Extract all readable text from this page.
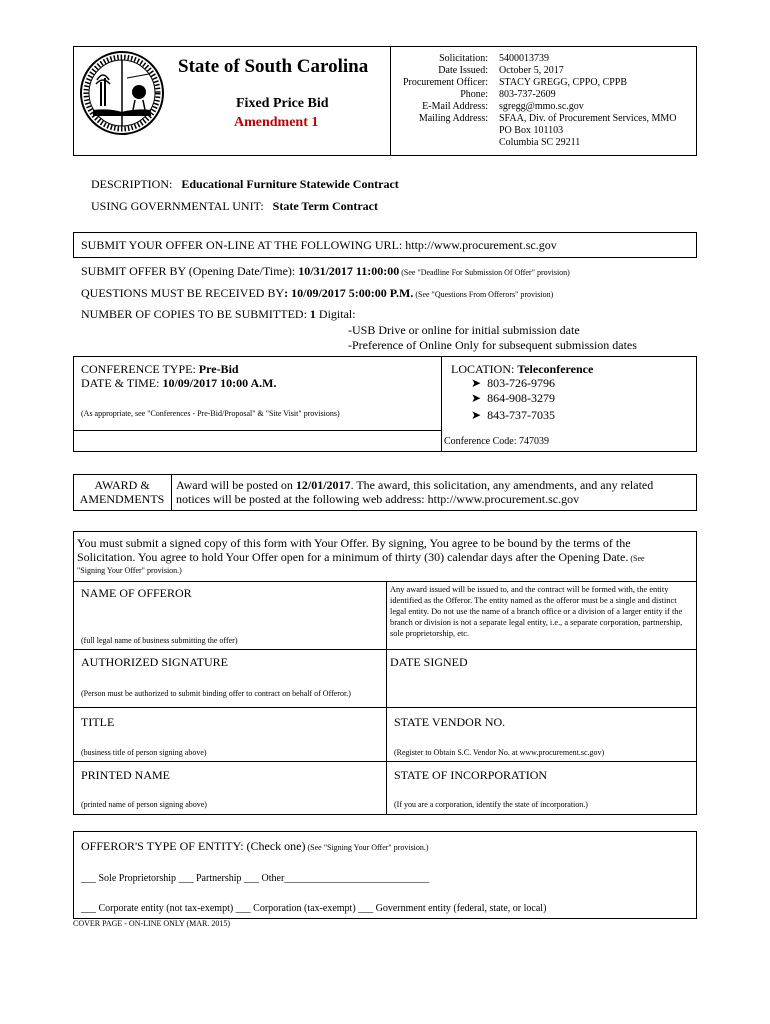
State of South Carolina
Fixed Price Bid
Amendment 1
Solicitation:
Date Issued:
Procurement Officer:
Phone:
E-Mail Address:
Mailing Address:
5400013739
October 5, 2017
STACY GREGG, CPPO, CPPB
803-737-2609
sgregg@mmo.sc.gov
SFAA, Div. of Procurement Services, MMO
PO Box 101103
Columbia SC 29211
DESCRIPTION: Educational Furniture Statewide Contract
USING GOVERNMENTAL UNIT: State Term Contract
SUBMIT YOUR OFFER ON-LINE AT THE FOLLOWING URL: http://www.procurement.sc.gov
SUBMIT OFFER BY (Opening Date/Time): 10/31/2017 11:00:00 (See "Deadline For Submission Of Offer" provision)
QUESTIONS MUST BE RECEIVED BY: 10/09/2017 5:00:00 P.M. (See "Questions From Offerors" provision)
NUMBER OF COPIES TO BE SUBMITTED: 1 Digital:
-USB Drive or online for initial submission date
-Preference of Online Only for subsequent submission dates
CONFERENCE TYPE: Pre-Bid
DATE & TIME: 10/09/2017 10:00 A.M.
(As appropriate, see "Conferences - Pre-Bid/Proposal" & "Site Visit" provisions)
LOCATION: Teleconference
➤ 803-726-9796
➤ 864-908-3279
➤ 843-737-7035
Conference Code: 747039
AWARD &
AMENDMENTS
Award will be posted on 12/01/2017. The award, this solicitation, any amendments, and any related
notices will be posted at the following web address: http://www.procurement.sc.gov
You must submit a signed copy of this form with Your Offer. By signing, You agree to be bound by the terms of the
Solicitation. You agree to hold Your Offer open for a minimum of thirty (30) calendar days after the Opening Date. (See
"Signing Your Offer" provision.)
NAME OF OFFEROR
(full legal name of business submitting the offer)
Any award issued will be issued to, and the contract will be formed with, the entity identified as the Offeror. The entity named as the offeror must be a single and distinct legal entity. Do not use the name of a branch office or a division of a larger entity if the branch or division is not a separate legal entity, i.e., a separate corporation, partnership, sole proprietorship, etc.
AUTHORIZED SIGNATURE	DATE SIGNED
(Person must be authorized to submit binding offer to contract on behalf of Offeror.)
TITLE
(business title of person signing above)
STATE VENDOR NO.
(Register to Obtain S.C. Vendor No. at www.procurement.sc.gov)
PRINTED NAME
(printed name of person signing above)
STATE OF INCORPORATION
(If you are a corporation, identify the state of incorporation.)
OFFEROR'S TYPE OF ENTITY: (Check one) (See "Signing Your Offer" provision.)
___ Sole Proprietorship ___ Partnership ___ Other_____________________________
___ Corporate entity (not tax-exempt) ___ Corporation (tax-exempt) ___ Government entity (federal, state, or local)
COVER PAGE - ON-LINE ONLY (MAR. 2015)
